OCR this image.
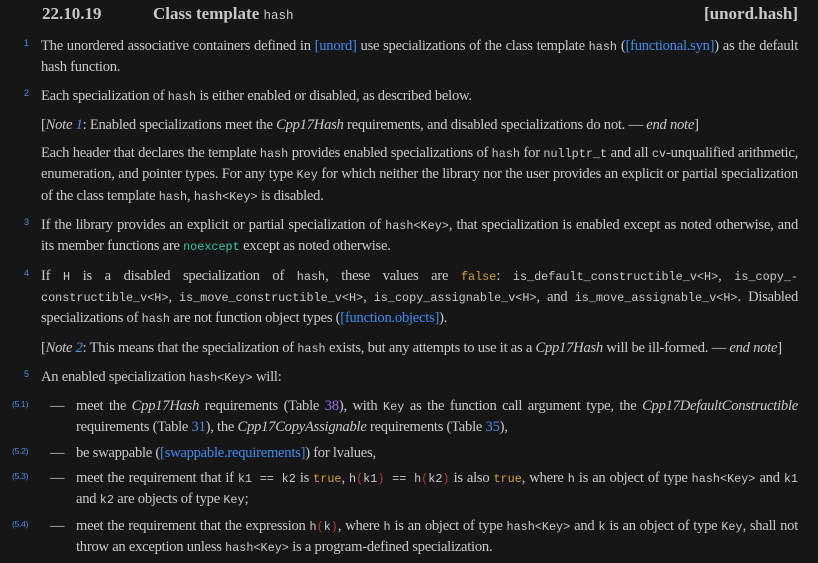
22.10.19	Class template hash	[unord.hash]
1 The unordered associative containers defined in [unord] use specializations of the class template hash ([functional.syn]) as the default hash function.
2 Each specialization of hash is either enabled or disabled, as described below.
[Note 1: Enabled specializations meet the Cpp17Hash requirements, and disabled specializations do not. — end note]
Each header that declares the template hash provides enabled specializations of hash for nullptr_t and all cv-unqualified arithmetic, enumeration, and pointer types. For any type Key for which neither the library nor the user provides an explicit or partial specialization of the class template hash, hash<Key> is disabled.
3 If the library provides an explicit or partial specialization of hash<Key>, that specialization is enabled except as noted otherwise, and its member functions are noexcept except as noted otherwise.
4 If H is a disabled specialization of hash, these values are false: is_default_constructible_v<H>, is_copy_constructible_v<H>, is_move_constructible_v<H>, is_copy_assignable_v<H>, and is_move_assignable_v<H>. Disabled specializations of hash are not function object types ([function.objects]).
[Note 2: This means that the specialization of hash exists, but any attempts to use it as a Cpp17Hash will be ill-formed. — end note]
5 An enabled specialization hash<Key> will:
(5.1) — meet the Cpp17Hash requirements (Table 38), with Key as the function call argument type, the Cpp17DefaultConstructible requirements (Table 31), the Cpp17CopyAssignable requirements (Table 35),
(5.2) — be swappable ([swappable.requirements]) for lvalues,
(5.3) — meet the requirement that if k1 == k2 is true, h(k1) == h(k2) is also true, where h is an object of type hash<Key> and k1 and k2 are objects of type Key;
(5.4) — meet the requirement that the expression h(k), where h is an object of type hash<Key> and k is an object of type Key, shall not throw an exception unless hash<Key> is a program-defined specialization.
